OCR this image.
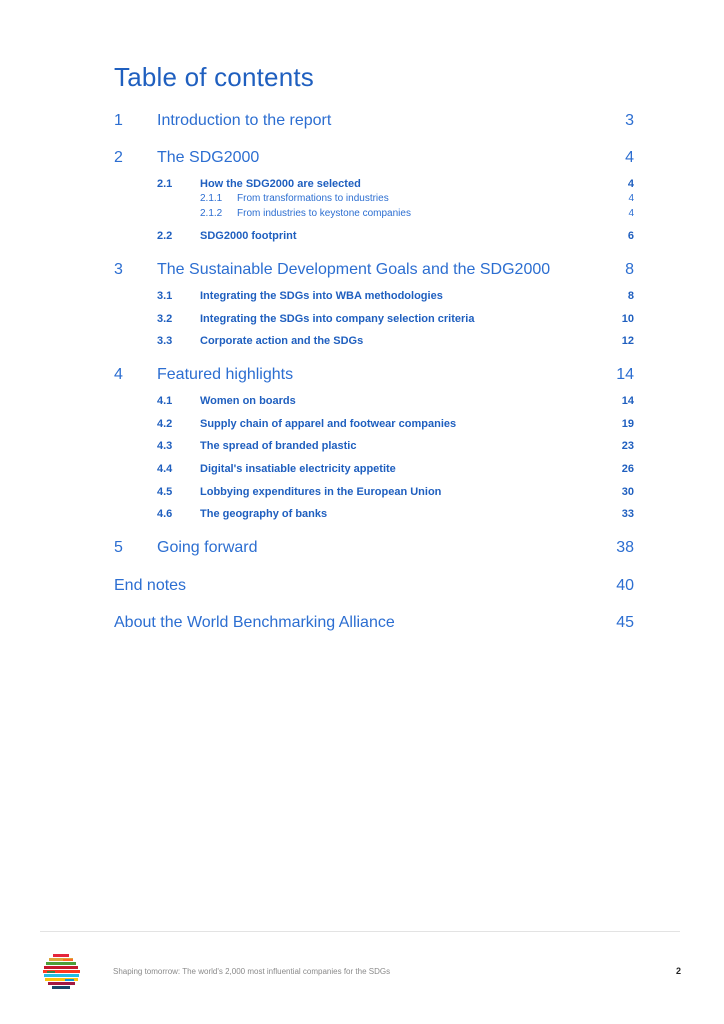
Table of contents
1 Introduction to the report	3
2 The SDG2000	4
2.1	How the SDG2000 are selected	4
2.1.1 From transformations to industries	4
2.1.2 From industries to keystone companies	4
2.2	SDG2000 footprint	6
3 The Sustainable Development Goals and the SDG2000	8
3.1	Integrating the SDGs into WBA methodologies	8
3.2	Integrating the SDGs into company selection criteria	10
3.3	Corporate action and the SDGs	12
4 Featured highlights	14
4.1	Women on boards	14
4.2	Supply chain of apparel and footwear companies	19
4.3	The spread of branded plastic	23
4.4	Digital's insatiable electricity appetite	26
4.5	Lobbying expenditures in the European Union	30
4.6	The geography of banks	33
5 Going forward	38
End notes	40
About the World Benchmarking Alliance	45
Shaping tomorrow: The world's 2,000 most influential companies for the SDGs	2
